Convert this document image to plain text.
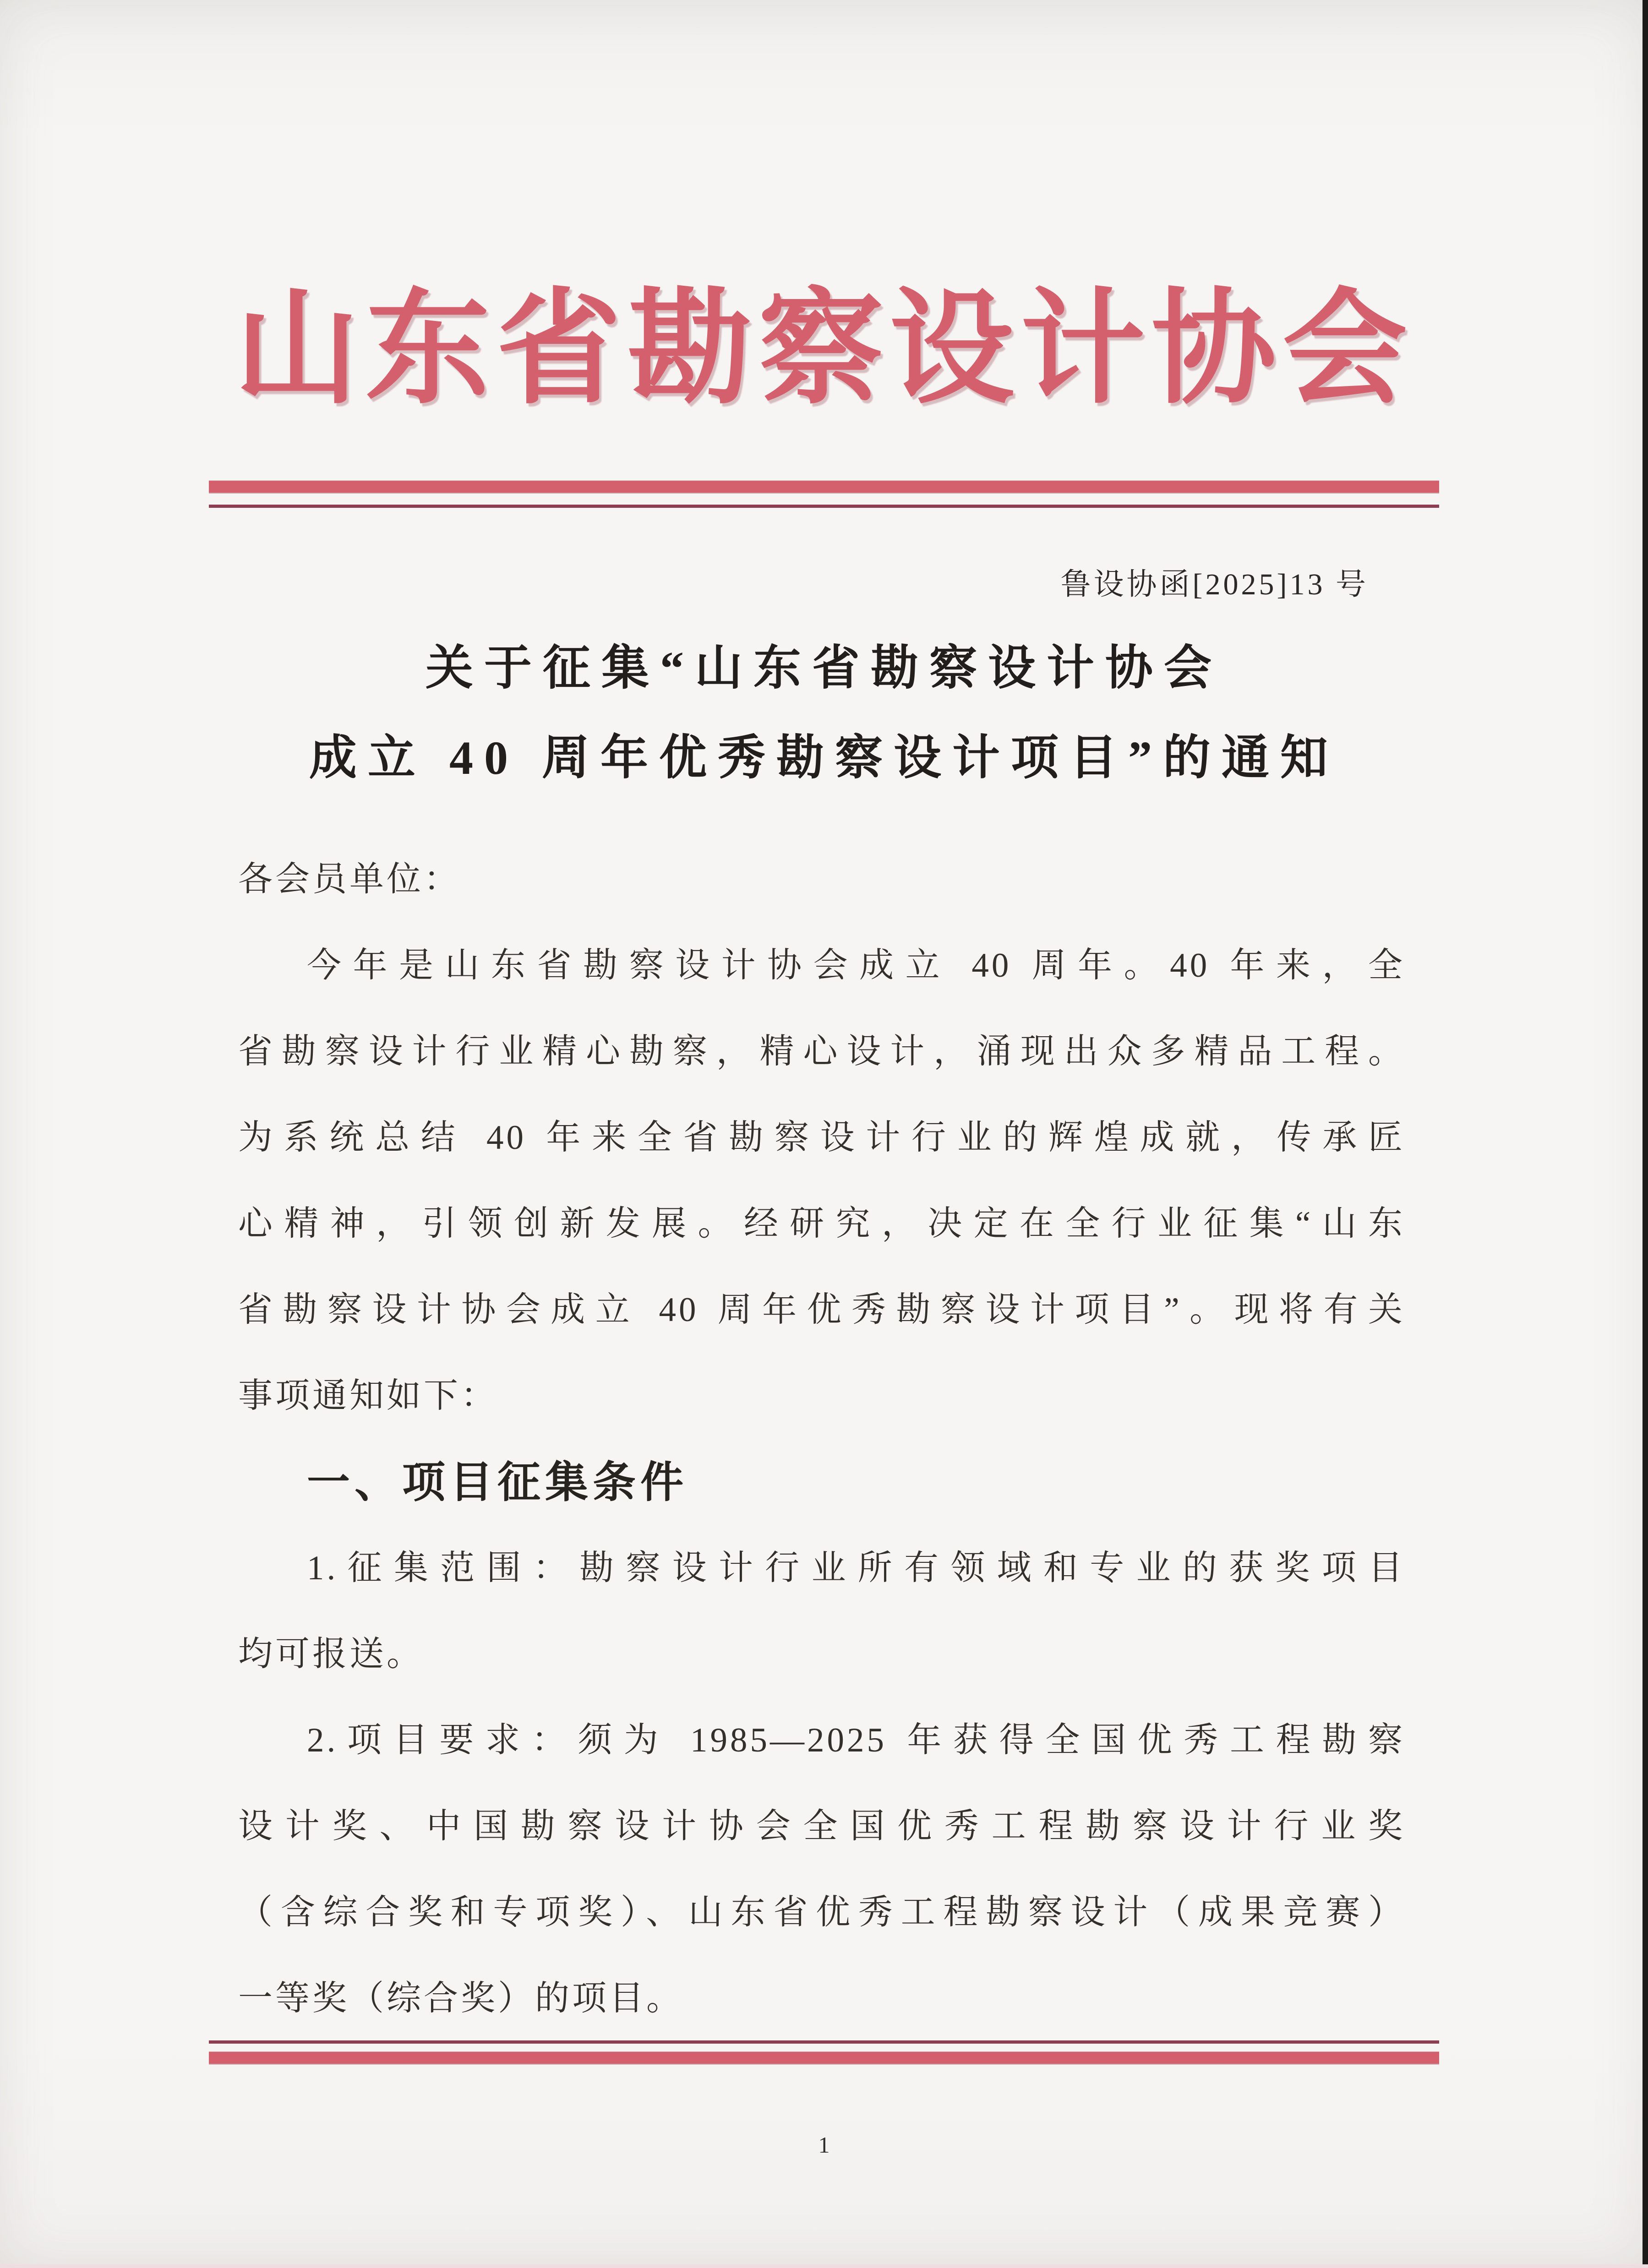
山东省勘察设计协会
鲁设协函[2025]13 号
关于征集“山东省勘察设计协会
成立 40 周年优秀勘察设计项目”的通知
各会员单位：
今年是山东省勘察设计协会成立 40 周年。40 年来，全
省勘察设计行业精心勘察，精心设计，涌现出众多精品工程。
为系统总结 40 年来全省勘察设计行业的辉煌成就，传承匠
心精神，引领创新发展。经研究，决定在全行业征集“山东
省勘察设计协会成立 40 周年优秀勘察设计项目”。现将有关
事项通知如下：
一、项目征集条件
1.征集范围：勘察设计行业所有领域和专业的获奖项目
均可报送。
2.项目要求：须为 1985—2025 年获得全国优秀工程勘察
设计奖、中国勘察设计协会全国优秀工程勘察设计行业奖
（含综合奖和专项奖）、山东省优秀工程勘察设计（成果竞赛）
一等奖（综合奖）的项目。
1
